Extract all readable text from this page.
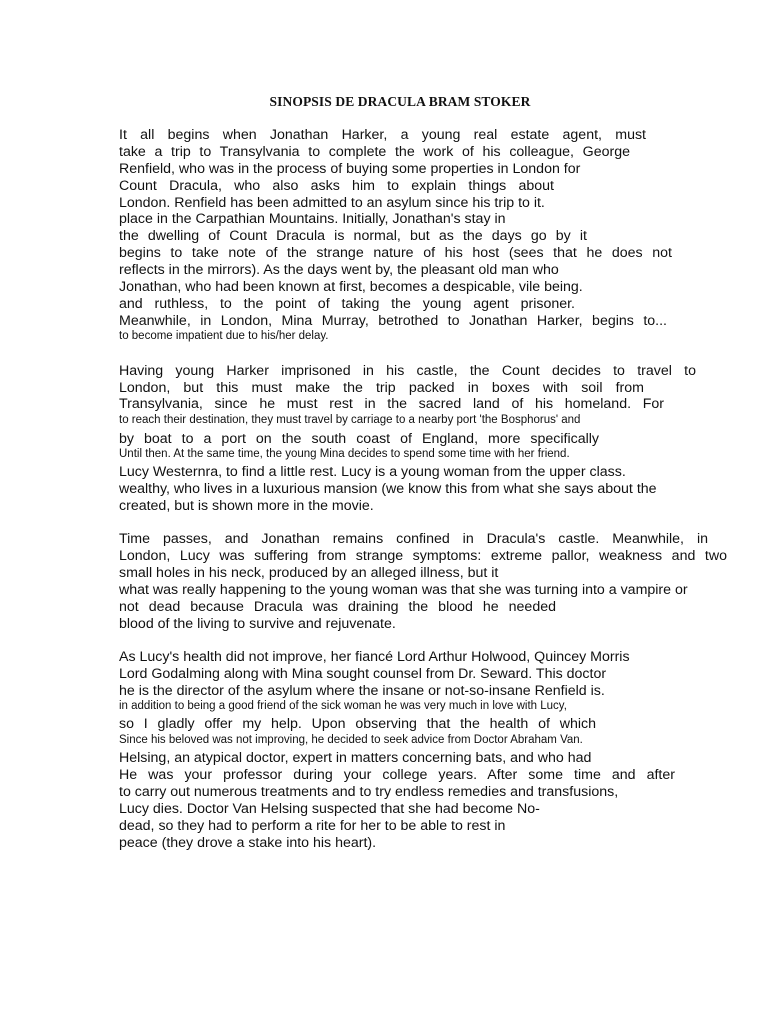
SINOPSIS DE DRACULA BRAM STOKER
It all begins when Jonathan Harker, a young real estate agent, must
take a trip to Transylvania to complete the work of his colleague, George
Renfield, who was in the process of buying some properties in London for
Count Dracula, who also asks him to explain things about
London. Renfield has been admitted to an asylum since his trip to it.
place in the Carpathian Mountains. Initially, Jonathan's stay in
the dwelling of Count Dracula is normal, but as the days go by it
begins to take note of the strange nature of his host (sees that he does not
reflects in the mirrors). As the days went by, the pleasant old man who
Jonathan, who had been known at first, becomes a despicable, vile being.
and ruthless, to the point of taking the young agent prisoner.
Meanwhile, in London, Mina Murray, betrothed to Jonathan Harker, begins to...
to become impatient due to his/her delay.
Having young Harker imprisoned in his castle, the Count decides to travel to
London, but this must make the trip packed in boxes with soil from
Transylvania, since he must rest in the sacred land of his homeland. For
to reach their destination, they must travel by carriage to a nearby port 'the Bosphorus' and
by boat to a port on the south coast of England, more specifically
Until then. At the same time, the young Mina decides to spend some time with her friend.
Lucy Westernra, to find a little rest. Lucy is a young woman from the upper class.
wealthy, who lives in a luxurious mansion (we know this from what she says about the
created, but is shown more in the movie.
Time passes, and Jonathan remains confined in Dracula's castle. Meanwhile, in
London, Lucy was suffering from strange symptoms: extreme pallor, weakness and two
small holes in his neck, produced by an alleged illness, but it
what was really happening to the young woman was that she was turning into a vampire or
not dead because Dracula was draining the blood he needed
blood of the living to survive and rejuvenate.
As Lucy's health did not improve, her fiancé Lord Arthur Holwood, Quincey Morris
Lord Godalming along with Mina sought counsel from Dr. Seward. This doctor
he is the director of the asylum where the insane or not-so-insane Renfield is.
in addition to being a good friend of the sick woman he was very much in love with Lucy,
so I gladly offer my help. Upon observing that the health of which
Since his beloved was not improving, he decided to seek advice from Doctor Abraham Van.
Helsing, an atypical doctor, expert in matters concerning bats, and who had
He was your professor during your college years. After some time and after
to carry out numerous treatments and to try endless remedies and transfusions,
Lucy dies. Doctor Van Helsing suspected that she had become No-
dead, so they had to perform a rite for her to be able to rest in
peace (they drove a stake into his heart).
